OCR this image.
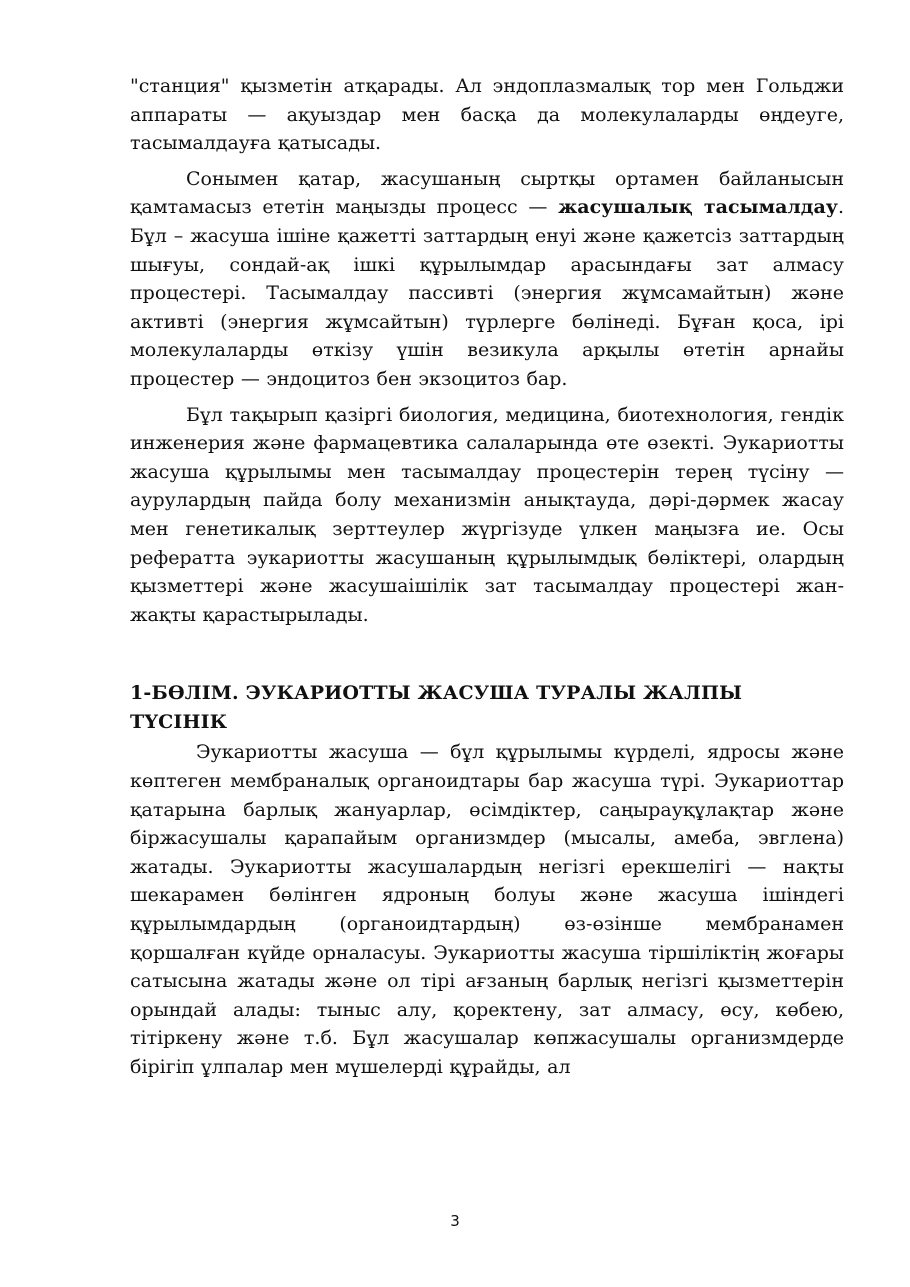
"станция" қызметін атқарады. Ал эндоплазмалық тор мен Гольджи аппараты — ақуыздар мен басқа да молекулаларды өңдеуге, тасымалдауға қатысады.

Сонымен қатар, жасушаның сыртқы ортамен байланысын қамтамасыз ететін маңызды процесс — жасушалық тасымалдау. Бұл – жасуша ішіне қажетті заттардың енуі және қажетсіз заттардың шығуы, сондай-ақ ішкі құрылымдар арасындағы зат алмасу процестері. Тасымалдау пассивті (энергия жұмсамайтын) және активті (энергия жұмсайтын) түрлерге бөлінеді. Бұған қоса, ірі молекулаларды өткізу үшін везикула арқылы өтетін арнайы процестер — эндоцитоз бен экзоцитоз бар.

Бұл тақырып қазіргі биология, медицина, биотехнология, гендік инженерия және фармацевтика салаларында өте өзекті. Эукариотты жасуша құрылымы мен тасымалдау процестерін терең түсіну — аурулардың пайда болу механизмін анықтауда, дәрі-дәрмек жасау мен генетикалық зерттеулер жүргізуде үлкен маңызға ие. Осы рефератта эукариотты жасушаның құрылымдық бөліктері, олардың қызметтері және жасушаішілік зат тасымалдау процестері жан-жақты қарастырылады.

1-БӨЛІМ. ЭУКАРИОТТЫ ЖАСУША ТУРАЛЫ ЖАЛПЫ ТҮСІНІК

Эукариотты жасуша — бұл құрылымы күрделі, ядросы және көптеген мембраналық органоидтары бар жасуша түрі. Эукариоттар қатарына барлық жануарлар, өсімдіктер, саңырауқұлақтар және біржасушалы қарапайым организмдер (мысалы, амеба, эвглена) жатады. Эукариотты жасушалардың негізгі ерекшелігі — нақты шекарамен бөлінген ядроның болуы және жасуша ішіндегі құрылымдардың (органоидтардың) өз-өзінше мембранамен қоршалған күйде орналасуы. Эукариотты жасуша тіршіліктің жоғары сатысына жатады және ол тірі ағзаның барлық негізгі қызметтерін орындай алады: тыныс алу, қоректену, зат алмасу, өсу, көбею, тітіркену және т.б. Бұл жасушалар көпжасушалы организмдерде бірігіп ұлпалар мен мүшелерді құрайды, ал

3
